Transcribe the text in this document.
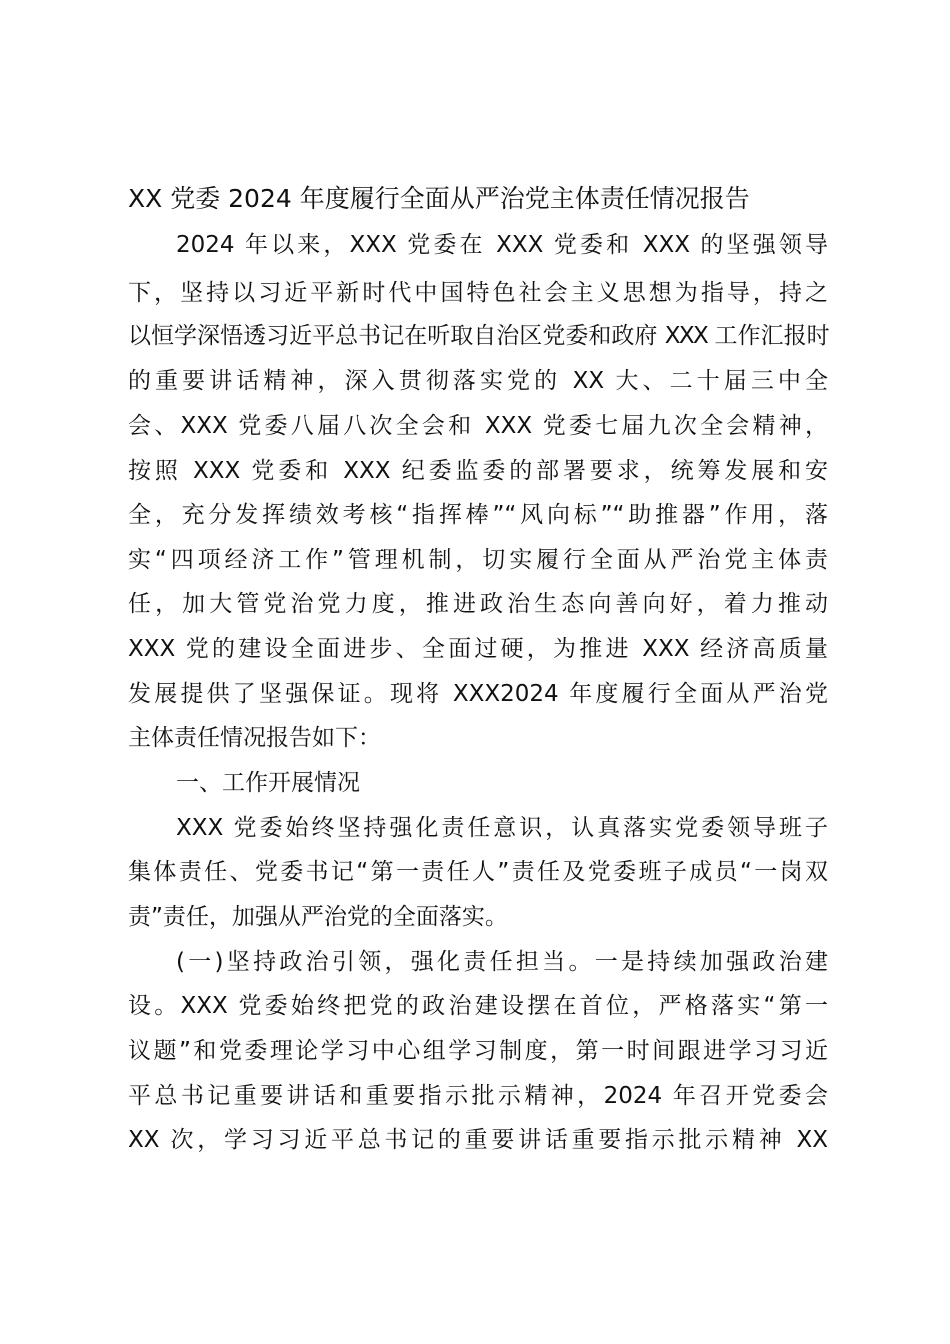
XX 党委 2024 年度履行全面从严治党主体责任情况报告
2024 年以来，XXX 党委在 XXX 党委和 XXX 的坚强领导
下，坚持以习近平新时代中国特色社会主义思想为指导，持之
以恒学深悟透习近平总书记在听取自治区党委和政府 XXX 工作汇报时
的重要讲话精神，深入贯彻落实党的 XX 大、二十届三中全
会、XXX 党委八届八次全会和 XXX 党委七届九次全会精神，
按照 XXX 党委和 XXX 纪委监委的部署要求，统筹发展和安
全，充分发挥绩效考核“指挥棒”“风向标”“助推器”作用，落
实“四项经济工作”管理机制，切实履行全面从严治党主体责
任，加大管党治党力度，推进政治生态向善向好，着力推动
XXX 党的建设全面进步、全面过硬，为推进 XXX 经济高质量
发展提供了坚强保证。现将 XXX2024 年度履行全面从严治党
主体责任情况报告如下：
一、工作开展情况
XXX 党委始终坚持强化责任意识，认真落实党委领导班子
集体责任、党委书记“第一责任人”责任及党委班子成员“一岗双
责”责任，加强从严治党的全面落实。
(一)坚持政治引领，强化责任担当。一是持续加强政治建
设。XXX 党委始终把党的政治建设摆在首位，严格落实“第一
议题”和党委理论学习中心组学习制度，第一时间跟进学习习近
平总书记重要讲话和重要指示批示精神，2024 年召开党委会
XX 次，学习习近平总书记的重要讲话重要指示批示精神 XX
